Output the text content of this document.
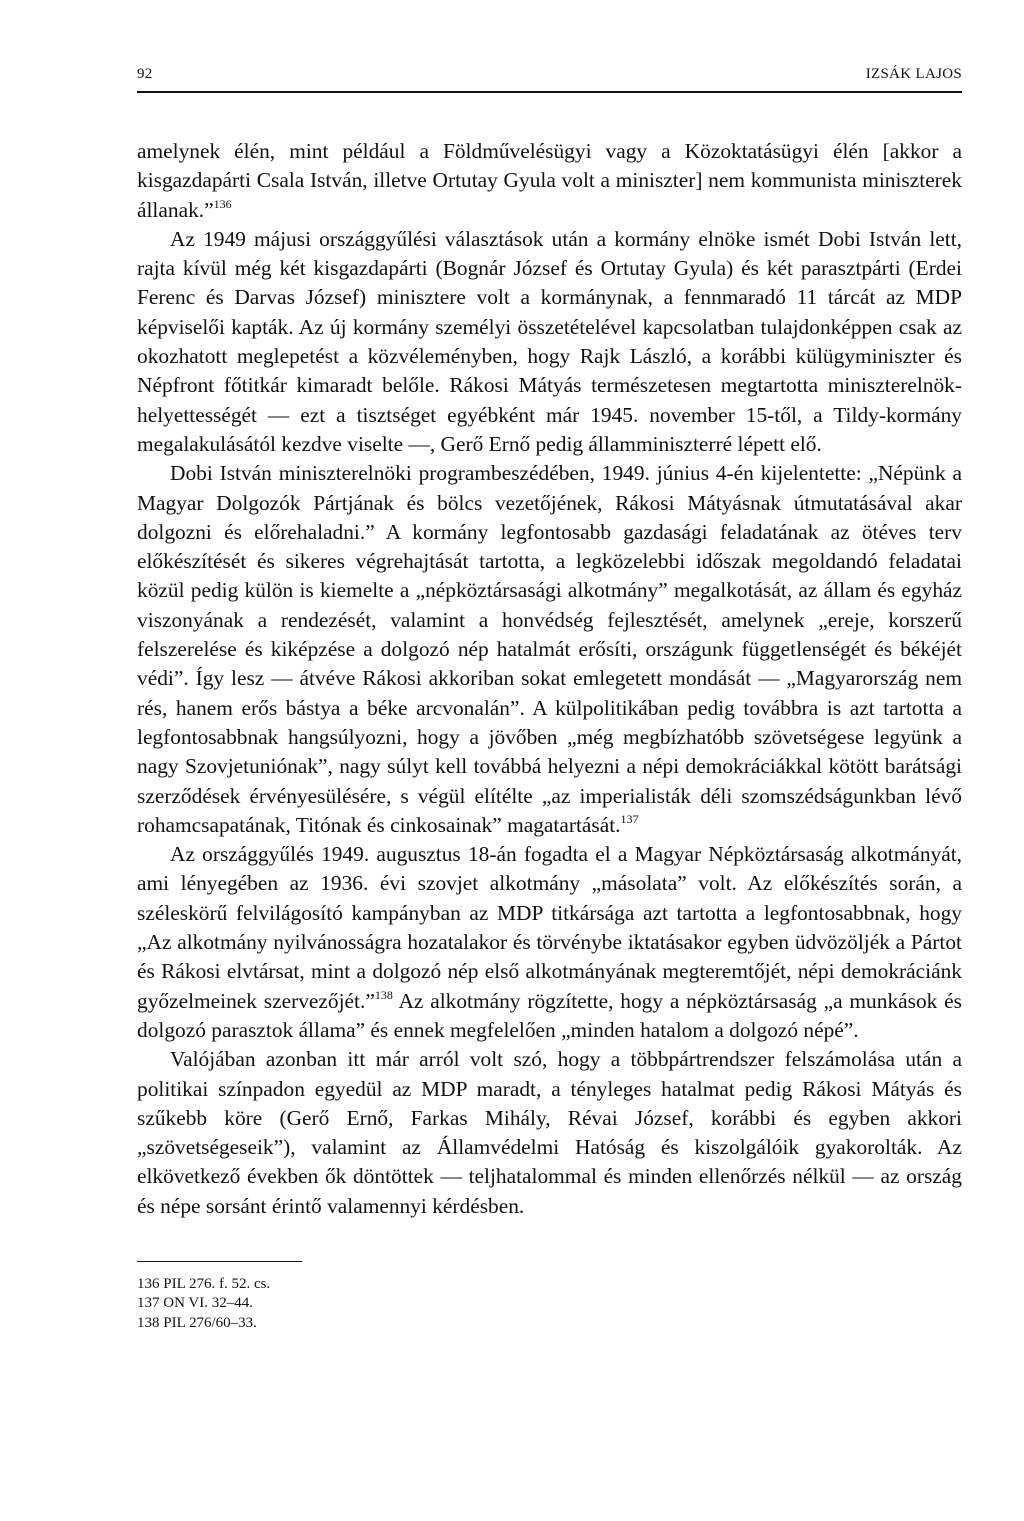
92	IZSÁK LAJOS

amelynek élén, mint például a Földművelésügyi vagy a Közoktatásügyi élén [akkor a kisgazdapárti Csala István, illetve Ortutay Gyula volt a miniszter] nem kommunista miniszterek állanak.”$^{136}$

Az 1949 májusi országgyűlési választások után a kormány elnöke ismét Dobi István lett, rajta kívül még két kisgazdapárti (Bognár József és Ortutay Gyula) és két parasztpárti (Erdei Ferenc és Darvas József) minisztere volt a kormánynak, a fennmaradó 11 tárcát az MDP képviselői kapták. Az új kormány személyi összetételével kapcsolatban tulajdonképpen csak az okozhatott meglepetést a közvéleményben, hogy Rajk László, a korábbi külügyminiszter és Népfront főtitkár kimaradt belőle. Rákosi Mátyás természetesen megtartotta miniszterelnök-helyettességét — ezt a tisztséget egyébként már 1945. november 15-től, a Tildy-kormány megalakulásától kezdve viselte —, Gerő Ernő pedig államminiszterré lépett elő.

Dobi István miniszterelnöki programbeszédében, 1949. június 4-én kijelentette: „Népünk a Magyar Dolgozók Pártjának és bölcs vezetőjének, Rákosi Mátyásnak útmutatásával akar dolgozni és előrehaladni.” A kormány legfontosabb gazdasági feladatának az ötéves terv előkészítését és sikeres végrehajtását tartotta, a legközelebbi időszak megoldandó feladatai közül pedig külön is kiemelte a „népköztársasági alkotmány” megalkotását, az állam és egyház viszonyának a rendezését, valamint a honvédség fejlesztését, amelynek „ereje, korszerű felszerelése és kiképzése a dolgozó nép hatalmát erősíti, országunk függetlenségét és békéjét védi”. Így lesz — átvéve Rákosi akkoriban sokat emlegetett mondását — „Magyarország nem rés, hanem erős bástya a béke arcvonalán”. A külpolitikában pedig továbbra is azt tartotta a legfontosabbnak hangsúlyozni, hogy a jövőben „még megbízhatóbb szövetségese legyünk a nagy Szovjetuniónak”, nagy súlyt kell továbbá helyezni a népi demokráciákkal kötött barátsági szerződések érvényesülésére, s végül elítélte „az imperialisták déli szomszédságunkban lévő rohamcsapatának, Titónak és cinkosainak” magatartását.$^{137}$

Az országgyűlés 1949. augusztus 18-án fogadta el a Magyar Népköztársaság alkotmányát, ami lényegében az 1936. évi szovjet alkotmány „másolata” volt. Az előkészítés során, a széleskörű felvilágosító kampányban az MDP titkársága azt tartotta a legfontosabbnak, hogy „Az alkotmány nyilvánosságra hozatalakor és törvénybe iktatásakor egyben üdvözöljék a Pártot és Rákosi elvtársat, mint a dolgozó nép első alkotmányának megteremtőjét, népi demokráciánk győzelmeinek szervezőjét.”$^{138}$ Az alkotmány rögzítette, hogy a népköztársaság „a munkások és dolgozó parasztok állama” és ennek megfelelően „minden hatalom a dolgozó népé”.

Valójában azonban itt már arról volt szó, hogy a többpártrendszer felszámolása után a politikai színpadon egyedül az MDP maradt, a tényleges hatalmat pedig Rákosi Mátyás és szűkebb köre (Gerő Ernő, Farkas Mihály, Révai József, korábbi és egyben akkori „szövetségeseik”), valamint az Államvédelmi Hatóság és kiszolgálóik gyakorolták. Az elkövetkező években ők döntöttek — teljhatalommal és minden ellenőrzés nélkül — az ország és népe sorsánt érintő valamennyi kérdésben.

136 PIL 276. f. 52. cs.
137 ON VI. 32–44.
138 PIL 276/60–33.
